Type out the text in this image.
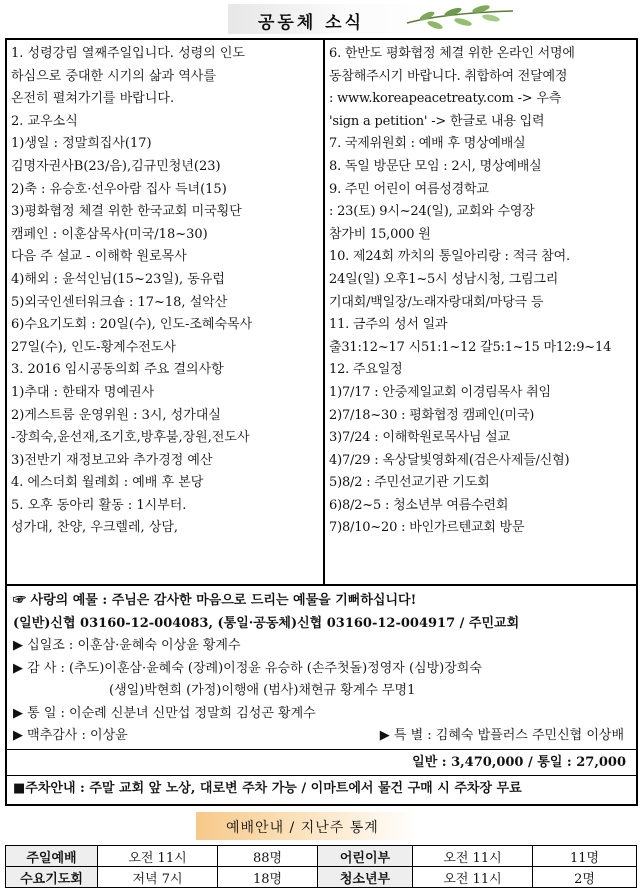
공동체 소식
1. 성령강림 열째주일입니다. 성령의 인도
하심으로 중대한 시기의 삶과 역사를
온전히 펼쳐가기를 바랍니다.
2. 교우소식
1)생일 : 정말희집사(17)
김명자권사B(23/음),김규민청년(23)
2)축 : 유승호·선우아람 집사 득녀(15)
3)평화협정 체결 위한 한국교회 미국횡단
캠페인 : 이훈삼목사(미국/18~30)
다음 주 설교 - 이해학 원로목사
4)해외 : 윤석인님(15~23일), 동유럽
5)외국인센터워크숍 : 17~18, 설악산
6)수요기도회 : 20일(수), 인도-조혜숙목사
27일(수), 인도-황계수전도사
3. 2016 임시공동의회 주요 결의사항
1)추대 : 한태자 명예권사
2)게스트룸 운영위원 : 3시, 성가대실
-장희숙,윤선재,조기호,방후불,장원,전도사
3)전반기 재정보고와 추가경정 예산
4. 에스더회 월례회 : 예배 후 본당
5. 오후 동아리 활동 : 1시부터.
성가대, 찬양, 우크렐레, 상담,
6. 한반도 평화협정 체결 위한 온라인 서명에
동참해주시기 바랍니다. 취합하여 전달예정
: www.koreapeacetreaty.com -> 우측
'sign a petition' -> 한글로 내용 입력
7. 국제위원회 : 예배 후 명상예배실
8. 독일 방문단 모임 : 2시, 명상예배실
9. 주민 어린이 여름성경학교
: 23(토) 9시~24(일), 교회와 수영장
참가비 15,000 원
10. 제24회 까치의 통일아리랑 : 적극 참여.
24일(일) 오후1~5시 성남시청, 그림그리
기대회/백일장/노래자랑대회/마당극 등
11. 금주의 성서 일과
출31:12~17 시51:1~12 갈5:1~15 마12:9~14
12. 주요일정
1)7/17 : 안중제일교회 이경림목사 취임
2)7/18~30 : 평화협정 캠페인(미국)
3)7/24 : 이해학원로목사님 설교
4)7/29 : 옥상달빛영화제(검은사제들/신혐)
5)8/2 : 주민선교기관 기도회
6)8/2~5 : 청소년부 여름수련회
7)8/10~20 : 바인가르텐교회 방문
☞ 사랑의 예물 : 주님은 감사한 마음으로 드리는 예물을 기뻐하십니다!
(일반)신협 03160-12-004083, (통일·공동체)신협 03160-12-004917 / 주민교회
▶ 십일조 : 이훈삼·윤혜숙 이상윤 황계수
▶ 감 사 : (추도)이훈삼·윤혜숙 (장례)이정윤 유승하 (손주첫돌)정영자 (심방)장희숙
(생일)박현희 (가정)이행애 (범사)채현규 황계수 무명1
▶ 통 일 : 이순례 신분녀 신만섭 정말희 김성곤 황계수
▶ 맥추감사 : 이상윤	▶ 특 별 : 김혜숙 밥플러스 주민신협 이상배
일반 : 3,470,000 / 통일 : 27,000
■주차안내 : 주말 교회 앞 노상, 대로변 주차 가능 / 이마트에서 물건 구매 시 주차장 무료
예배안내 / 지난주 통계
주일예배	오전 11시	88명	어린이부	오전 11시	11명
수요기도회	저녁 7시	18명	청소년부	오전 11시	2명
